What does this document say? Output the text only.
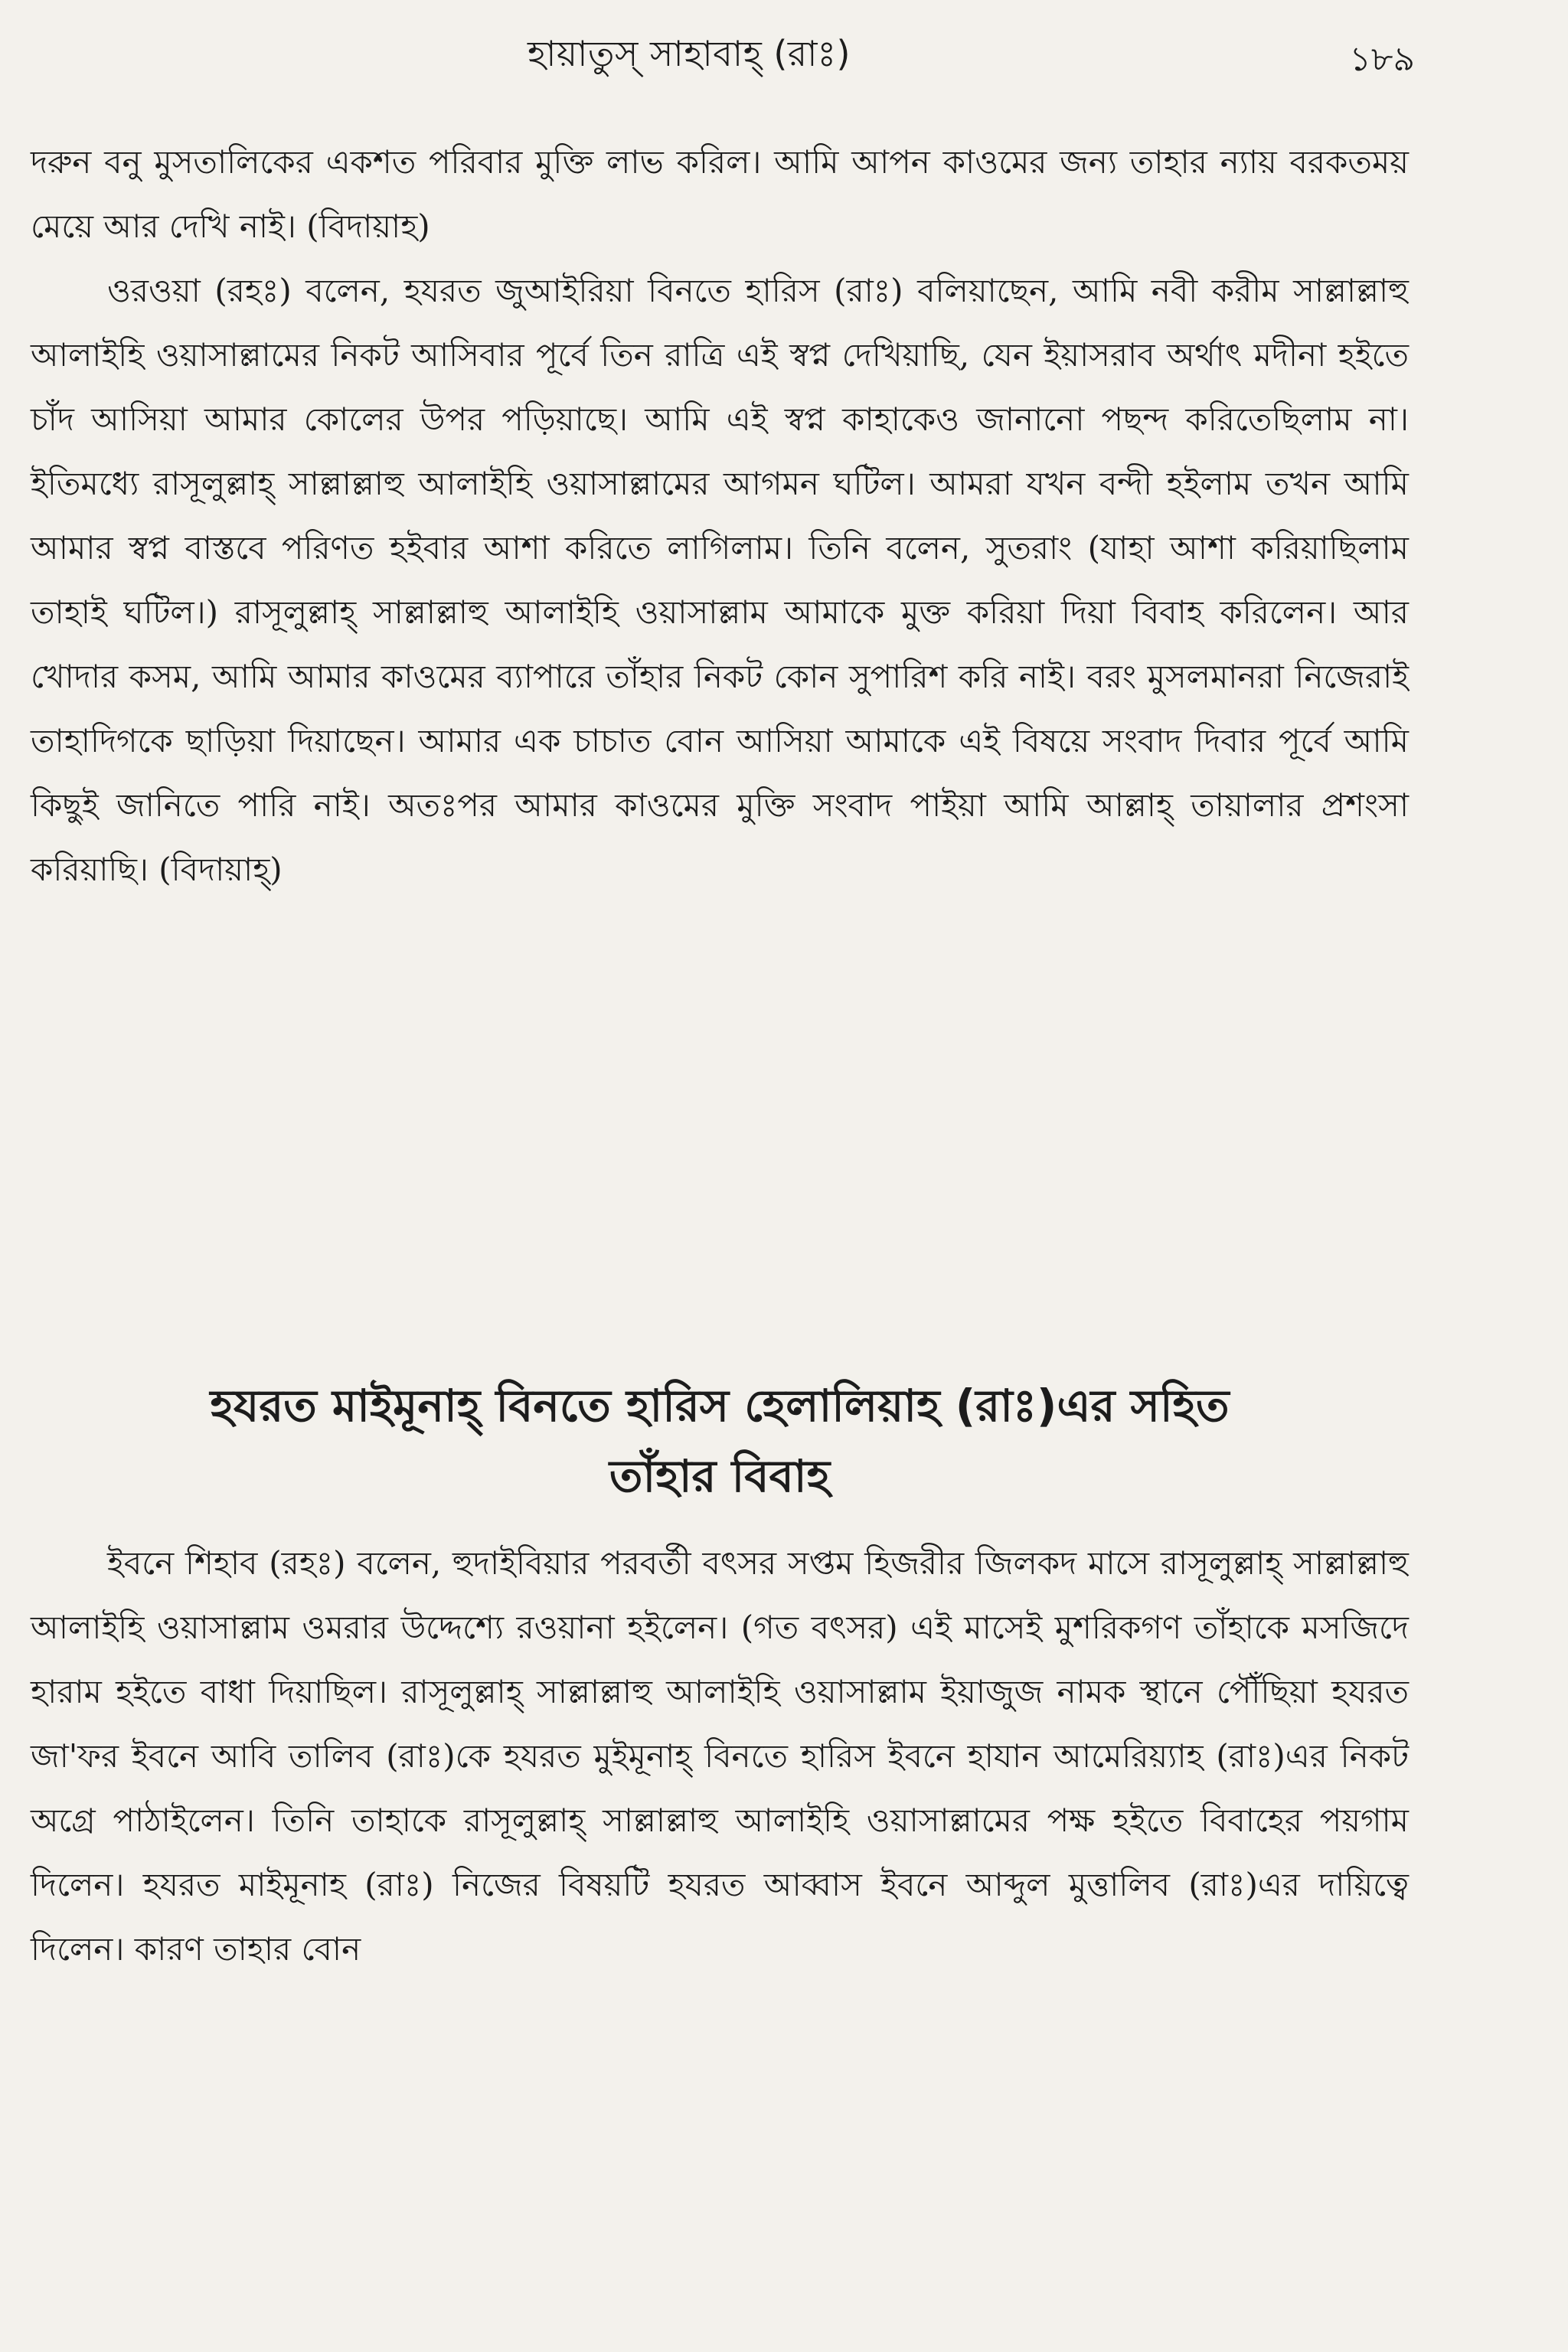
হায়াতুস্ সাহাবাহ্ (রাঃ)	১৮৯

দরুন বনু মুসতালিকের একশত পরিবার মুক্তি লাভ করিল। আমি আপন কাওমের জন্য তাহার ন্যায় বরকতময় মেয়ে আর দেখি নাই। (বিদায়াহ)

ওরওয়া (রহঃ) বলেন, হযরত জুআইরিয়া বিনতে হারিস (রাঃ) বলিয়াছেন, আমি নবী করীম সাল্লাল্লাহু আলাইহি ওয়াসাল্লামের নিকট আসিবার পূর্বে তিন রাত্রি এই স্বপ্ন দেখিয়াছি, যেন ইয়াসরাব অর্থাৎ মদীনা হইতে চাঁদ আসিয়া আমার কোলের উপর পড়িয়াছে। আমি এই স্বপ্ন কাহাকেও জানানো পছন্দ করিতেছিলাম না। ইতিমধ্যে রাসূলুল্লাহ্ সাল্লাল্লাহু আলাইহি ওয়াসাল্লামের আগমন ঘটিল। আমরা যখন বন্দী হইলাম তখন আমি আমার স্বপ্ন বাস্তবে পরিণত হইবার আশা করিতে লাগিলাম। তিনি বলেন, সুতরাং (যাহা আশা করিয়াছিলাম তাহাই ঘটিল।) রাসূলুল্লাহ্ সাল্লাল্লাহু আলাইহি ওয়াসাল্লাম আমাকে মুক্ত করিয়া দিয়া বিবাহ করিলেন। আর খোদার কসম, আমি আমার কাওমের ব্যাপারে তাঁহার নিকট কোন সুপারিশ করি নাই। বরং মুসলমানরা নিজেরাই তাহাদিগকে ছাড়িয়া দিয়াছেন। আমার এক চাচাত বোন আসিয়া আমাকে এই বিষয়ে সংবাদ দিবার পূর্বে আমি কিছুই জানিতে পারি নাই। অতঃপর আমার কাওমের মুক্তি সংবাদ পাইয়া আমি আল্লাহ্ তায়ালার প্রশংসা করিয়াছি। (বিদায়াহ্)

হযরত মাইমূনাহ্ বিনতে হারিস হেলালিয়াহ (রাঃ)এর সহিত
তাঁহার বিবাহ

ইবনে শিহাব (রহঃ) বলেন, হুদাইবিয়ার পরবর্তী বৎসর সপ্তম হিজরীর জিলকদ মাসে রাসূলুল্লাহ্ সাল্লাল্লাহু আলাইহি ওয়াসাল্লাম ওমরার উদ্দেশ্যে রওয়ানা হইলেন। (গত বৎসর) এই মাসেই মুশরিকগণ তাঁহাকে মসজিদে হারাম হইতে বাধা দিয়াছিল। রাসূলুল্লাহ্ সাল্লাল্লাহু আলাইহি ওয়াসাল্লাম ইয়াজুজ নামক স্থানে পৌঁছিয়া হযরত জা'ফর ইবনে আবি তালিব (রাঃ)কে হযরত মুইমূনাহ্ বিনতে হারিস ইবনে হাযান আমেরিয়্যাহ (রাঃ)এর নিকট অগ্রে পাঠাইলেন। তিনি তাহাকে রাসূলুল্লাহ্ সাল্লাল্লাহু আলাইহি ওয়াসাল্লামের পক্ষ হইতে বিবাহের পয়গাম দিলেন। হযরত মাইমূনাহ (রাঃ) নিজের বিষয়টি হযরত আব্বাস ইবনে আব্দুল মুত্তালিব (রাঃ)এর দায়িত্বে দিলেন। কারণ তাহার বোন
